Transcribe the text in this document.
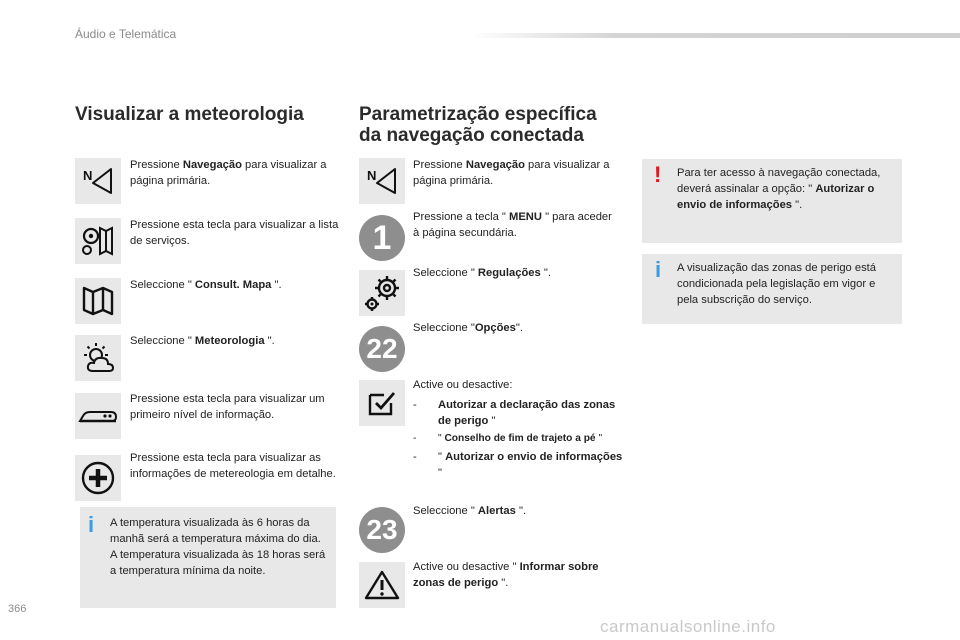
Áudio e Telemática
Visualizar a meteorologia
N
Pressione Navegação para visualizar a página primária.
Pressione esta tecla para visualizar a lista de serviços.
Seleccione " Consult. Mapa ".
Seleccione " Meteorologia ".
Pressione esta tecla para visualizar um primeiro nível de informação.
Pressione esta tecla para visualizar as informações de metereologia em detalhe.
i A temperatura visualizada às 6 horas da manhã será a temperatura máxima do dia.
A temperatura visualizada às 18 horas será a temperatura mínima da noite.
Parametrização específica
da navegação conectada
N
Pressione Navegação para visualizar a página primária.
1
Pressione a tecla " MENU " para aceder à página secundária.
Seleccione " Regulações ".
22
Seleccione "Opções".
Active ou desactive:
- Autorizar a declaração das zonas de perigo "
- " Conselho de fim de trajeto a pé "
- " Autorizar o envio de informações "
23
Seleccione " Alertas ".
Active ou desactive " Informar sobre zonas de perigo ".
! Para ter acesso à navegação conectada, deverá assinalar a opção: " Autorizar o envio de informações ".
i A visualização das zonas de perigo está condicionada pela legislação em vigor e pela subscrição do serviço.
366
carmanualsonline.info
